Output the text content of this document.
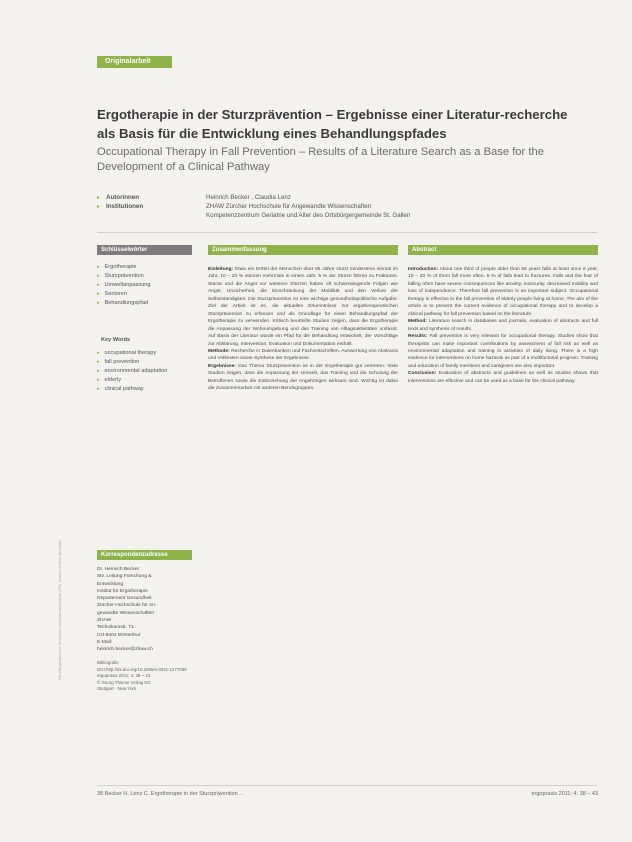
Originalarbeit
Heruntergeladen von: Technische Informationsbibliothek (TIB). Urheberrechtlich geschützt.
Ergotherapie in der Sturzprävention – Ergebnisse einer Literatur-recherche als Basis für die Entwicklung eines Behandlungspfades
Occupational Therapy in Fall Prevention – Results of a Literature Search as a Base for the Development of a Clinical Pathway
▸ Autorinnen
▸ Institutionen
Heinrich Becker , Claudia Lenz
ZHAW Zürcher Hochschule für Angewandte Wissenschaften
Kompetenzzentrum Geriatrie und Alter des Ortsbürgergemeinde St. Gallen
Schlüsselwörter
▸ Ergotherapie
▸ Sturzprävention
▸ Umweltanpassung
▸ Senioren
▸ Behandlungspfad
Key Words
▸ occupational therapy
▸ fall prevention
▸ environmental adaptation
▸ elderly
▸ clinical pathway
Zusammenfassung
Einleitung: Etwa ein Drittel der Menschen über 65 Jahre stürzt mindestens einmal im Jahr, 10 – 20 % stürzen mehrmals in einem Jahr. 5 % der Stürze führen zu Frakturen. Stürze und die Angst vor weiteren Stürzen haben oft schwerwiegende Folgen wie Angst, Unsicherheit, die Einschränkung der Mobilität und den Verlust der Selbstständigkeit. Die Sturzprävention ist eine wichtige gesundheitspolitische Aufgabe. Ziel der Arbeit ist es, die aktuellen Erkenntnisse zur ergotherapeutischen Sturzprävention zu erfassen und als Grundlage für einen Behandlungspfad der Ergotherapie zu verwenden. Kritisch beurteilte Studien zeigen, dass die Ergotherapie die Anpassung der Wohnumgebung und das Training von Alltagsaktivitäten umfasst. Auf Basis der Literatur wurde ein Pfad für die Behandlung entwickelt, der Vorschläge zur Abklärung, Intervention, Evaluation und Dokumentation enthält.
Methode: Recherche in Datenbanken und Fachzeitschriften, Auswertung von Abstracts und Volltexten sowie Synthese der Ergebnisse.
Ergebnisse: Das Thema Sturzprävention ist in der Ergotherapie gut vertreten. Viele Studien zeigen, dass die Anpassung der Umwelt, das Training und die Schulung der Betroffenen sowie die Einbeziehung der Angehörigen wirksam sind. Wichtig ist dabei die Zusammenarbeit mit anderen Berufsgruppen.
Abstract
Introduction: About one third of people older than 65 years falls at least once a year, 10 – 20 % of them fall more often. 5 % of falls lead to fractures. Falls and the fear of falling often have severe consequences like anxiety, insecurity, decreased mobility and loss of independence. Therefore fall prevention is an important subject. Occupational therapy is effective in the fall prevention of elderly people living at home. The aim of the article is to present the current evidence of occupational therapy and to develop a clinical pathway for fall prevention based on the literature.
Method: Literature search in databases and journals, evaluation of abstracts and full texts and synthesis of results.
Results: Fall prevention is very relevant for occupational therapy. Studies show that therapists can make important contributions by assessment of fall risk as well as environmental adaptation and training in activities of daily living. There is a high evidence for interventions on home hazards as part of a multifactorial program. Training and education of family members and caregivers are also important.
Conclusion: Evaluation of abstracts and guidelines as well as studies shows that interventions are effective and can be used as a base for the clinical pathway.
Korrespondenzadresse
Dr. Heinrich Becker
Stv. Leitung Forschung &
Entwicklung
Institut für Ergotherapie
Departement Gesundheit
Zürcher Hochschule für An-
gewandte Wissenschaften
ZHAW
Technikumstr. 71
CH-8401 Winterthur
E-Mail:
heinrich.becker@zhaw.ch
Bibliografie
DOI http://dx.doi.org/10.1055/s-0031-1277089
ergopraxis 2011; 4: 38 – 43
© Georg Thieme Verlag KG
Stuttgart · New York
38 Becker H, Lenz C. Ergotherapie in der Sturzprävention ...	ergopraxis 2011; 4: 38 – 43
